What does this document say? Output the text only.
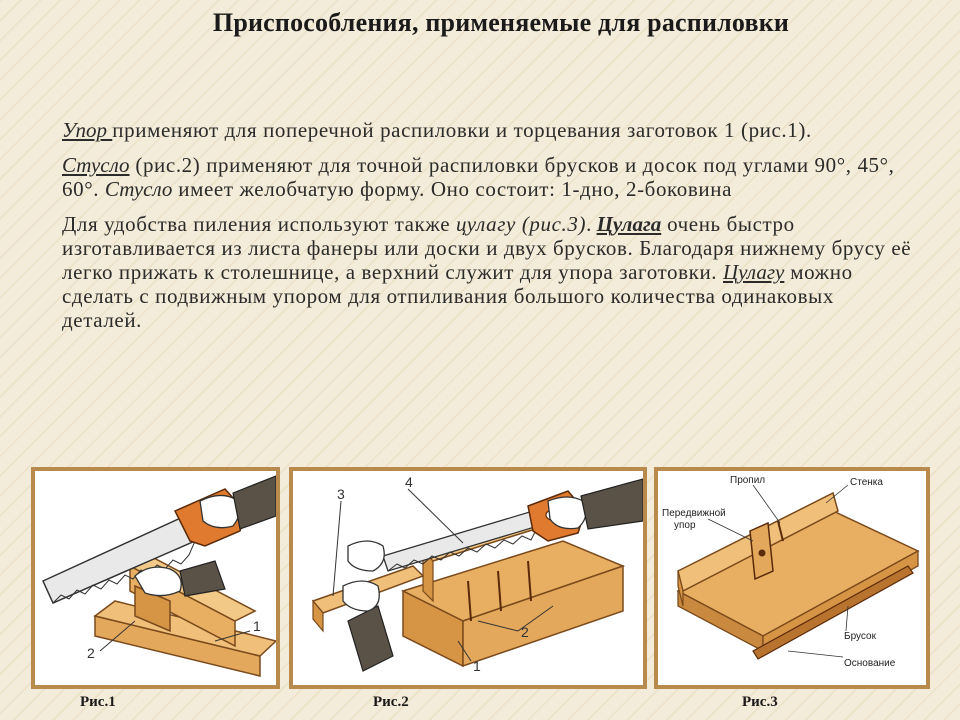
Приспособления, применяемые для распиловки

Упор применяют для поперечной распиловки и торцевания заготовок 1 (рис.1).

Стусло (рис.2) применяют для точной распиловки брусков и досок под углами 90°, 45°, 60°. Стусло имеет желобчатую форму. Оно состоит: 1-дно, 2-боковина

Для удобства пиления используют также цулагу (рис.3). Цулага очень быстро изготавливается из листа фанеры или доски и двух брусков. Благодаря нижнему брусу её легко прижать к столешнице, а верхний служит для упора заготовки. Цулагу можно сделать с подвижным упором для отпиливания большого количества одинаковых деталей.

2
1
3
4
2
1
Пропил	Стенка
Передвижной
упор
Брусок
Основание
Рис.1	Рис.2	Рис.3
